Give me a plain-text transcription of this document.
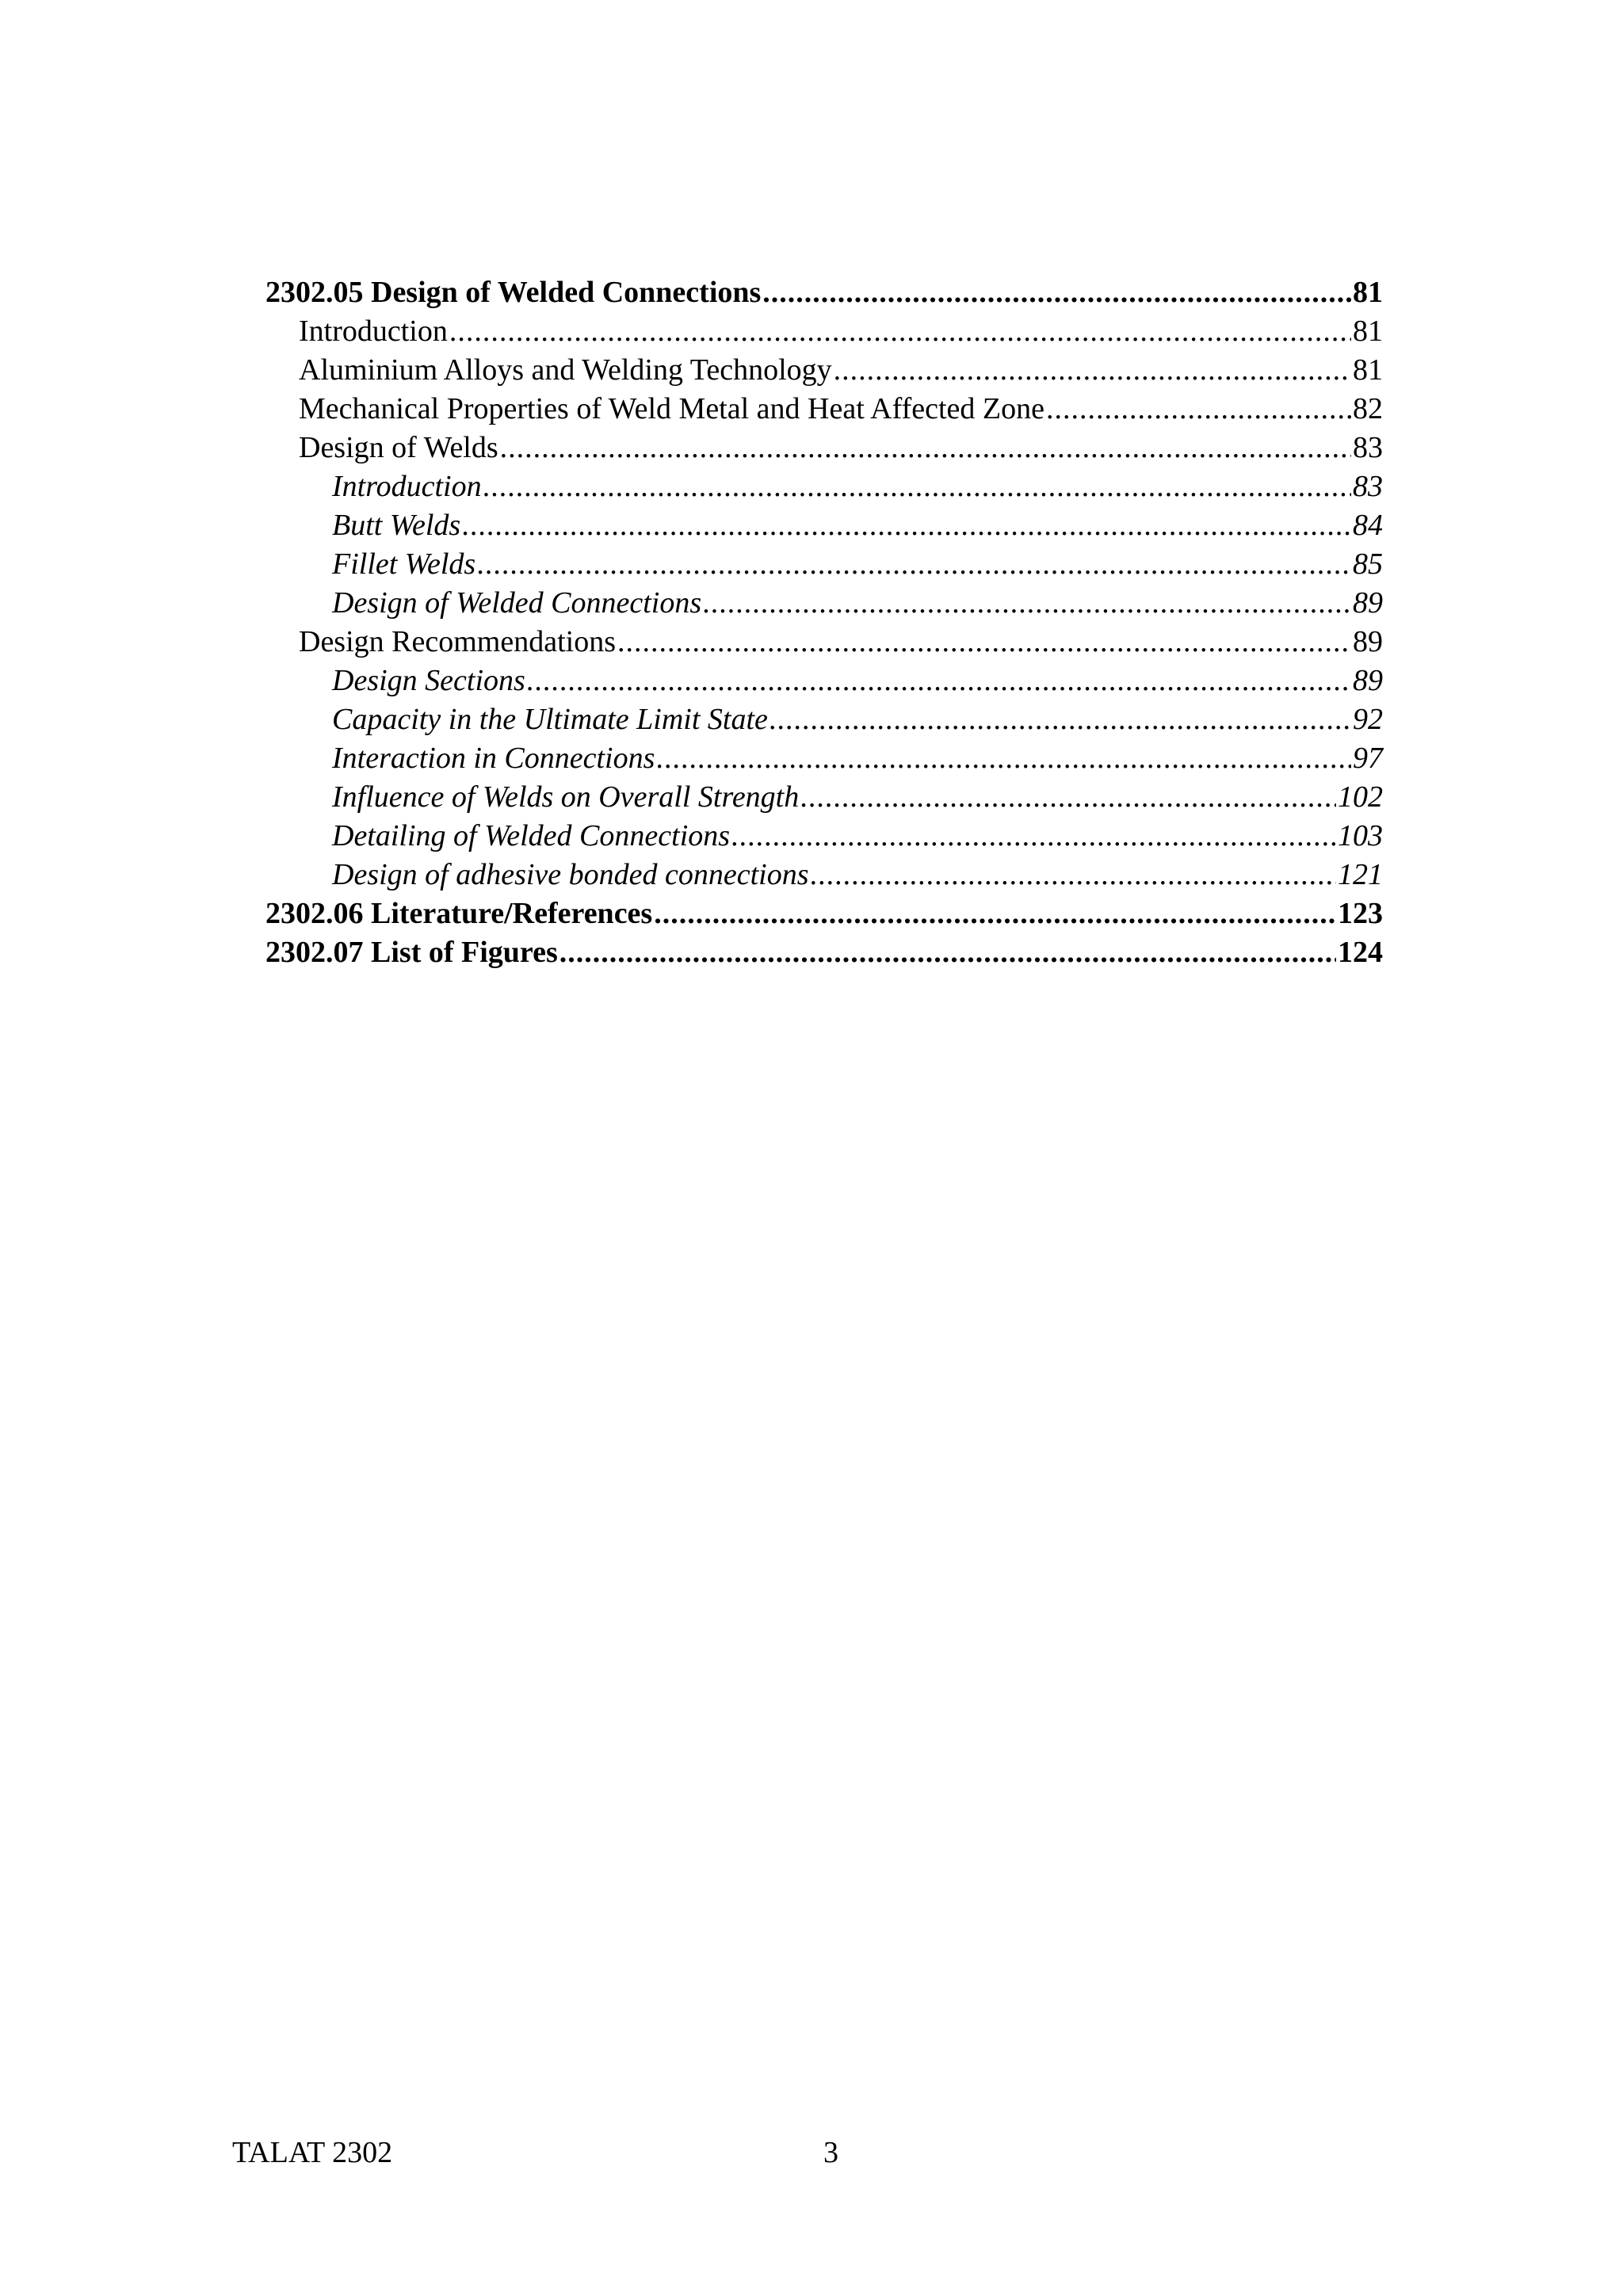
2302.05 Design of Welded Connections .....	81
Introduction .....	81
Aluminium Alloys and Welding Technology .....	81
Mechanical Properties of Weld Metal and Heat Affected Zone .....	82
Design of Welds .....	83
Introduction .....	83
Butt Welds .....	84
Fillet Welds .....	85
Design of Welded Connections .....	89
Design Recommendations .....	89
Design Sections .....	89
Capacity in the Ultimate Limit State .....	92
Interaction in Connections .....	97
Influence of Welds on Overall Strength .....	102
Detailing of Welded Connections .....	103
Design of adhesive bonded connections .....	121
2302.06 Literature/References .....	123
2302.07 List of Figures .....	124
TALAT 2302	3
